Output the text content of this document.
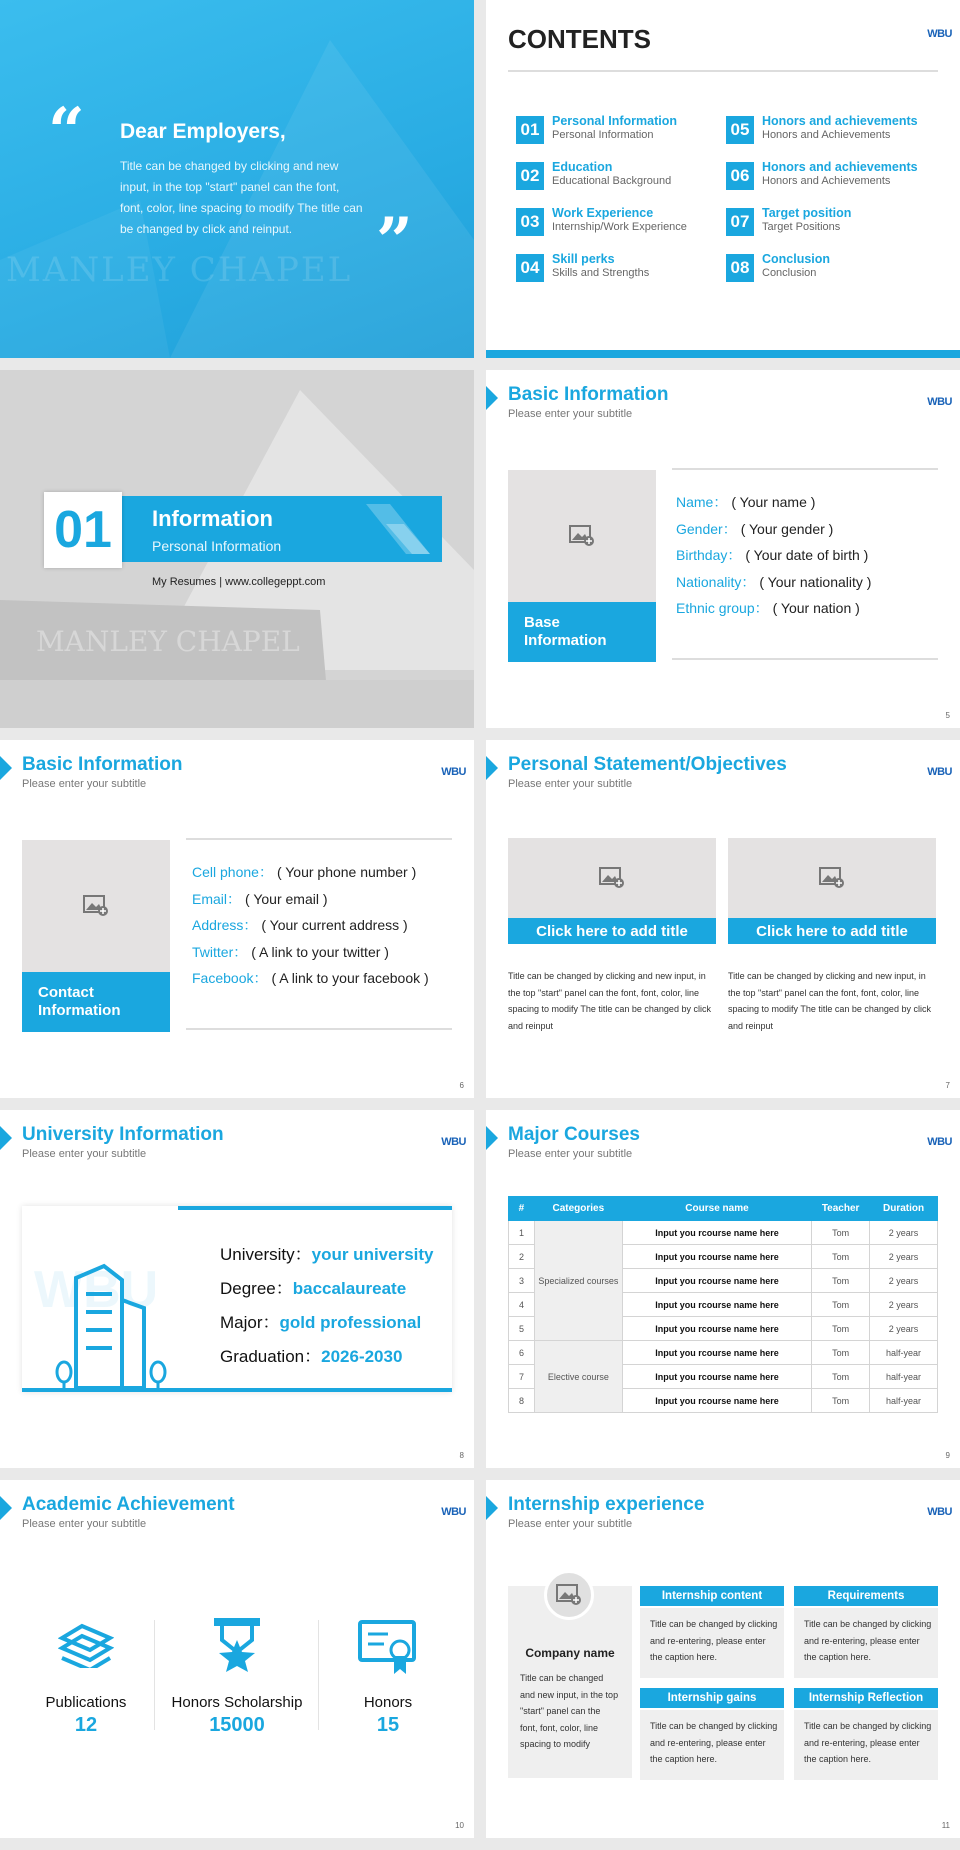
MANLEY CHAPEL
“ Dear Employers,
Title can be changed by clicking and new input, in the top "start" panel can the font, font, color, line spacing to modify The title can be changed by click and reinput.	”
CONTENTS	WBU
01	Personal Information
Personal Information
02	Education
Educational Background
03	Work Experience
Internship/Work Experience
04	Skill perks
Skills and Strengths
05	Honors and achievements
Honors and Achievements
06	Honors and achievements
Honors and Achievements
07	Target position
Target Positions
08	Conclusion
Conclusion
MANLEY CHAPEL
01 Information
Personal Information
My Resumes | www.collegeppt.com
Basic Information
Please enter your subtitle
WBU
Base Information
Name： ( Your name )
Gender： ( Your gender )
Birthday： ( Your date of birth )
Nationality： ( Your nationality )
Ethnic group： ( Your nation )
5
Basic Information
Please enter your subtitle
WBU
Contact Information
Cell phone： ( Your phone number )
Email： ( Your email )
Address： ( Your current address )
Twitter： ( A link to your twitter )
Facebook： ( A link to your facebook )
6
Personal Statement/Objectives
Please enter your subtitle
WBU
Click here to add title
Title can be changed by clicking and new input, in the top "start" panel can the font, font, color, line spacing to modify The title can be changed by click and reinput
Click here to add title
Title can be changed by clicking and new input, in the top "start" panel can the font, font, color, line spacing to modify The title can be changed by click and reinput
7
University Information
Please enter your subtitle
WBU
WBU
University：your university
Degree：baccalaureate
Major：gold professional
Graduation：2026-2030
8
Major Courses
Please enter your subtitle
WBU
#	Categories	Course name	Teacher	Duration
1	Specialized courses	Input you rcourse name here	Tom	2 years
2		Input you rcourse name here	Tom	2 years
3		Input you rcourse name here	Tom	2 years
4		Input you rcourse name here	Tom	2 years
5		Input you rcourse name here	Tom	2 years
6	Elective course	Input you rcourse name here	Tom	half-year
7		Input you rcourse name here	Tom	half-year
8		Input you rcourse name here	Tom	half-year
9
Academic Achievement
Please enter your subtitle
WBU
Publications
12
Honors Scholarship
15000
Honors
15
10
Internship experience
Please enter your subtitle
WBU
Company name
Title can be changed and new input, in the top "start" panel can the font, font, color, line spacing to modify
Internship content
Title can be changed by clicking and re-entering, please enter the caption here.
Requirements
Title can be changed by clicking and re-entering, please enter the caption here.
Internship gains
Title can be changed by clicking and re-entering, please enter the caption here.
Internship Reflection
Title can be changed by clicking and re-entering, please enter the caption here.
11
